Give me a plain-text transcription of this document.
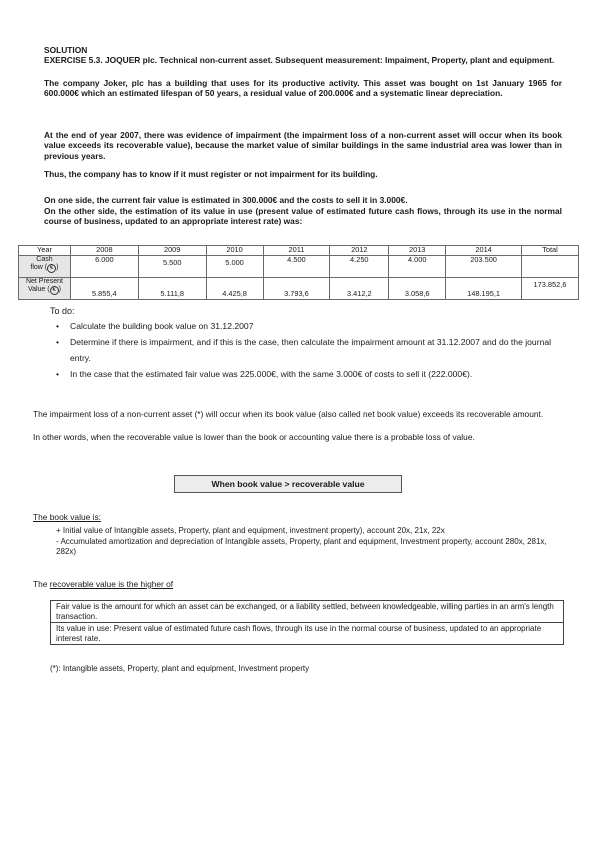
SOLUTION
EXERCISE 5.3. JOQUER plc. Technical non-current asset. Subsequent measurement: Impaiment, Property, plant and equipment.
The company Joker, plc has a building that uses for its productive activity. This asset was bought on 1st January 1965 for 600.000€ which an estimated lifespan of 50 years, a residual value of 200.000€ and a systematic linear depreciation.
At the end of year 2007, there was evidence of impairment (the impairment loss of a non-current asset will occur when its book value exceeds its recoverable value), because the market value of similar buildings in the same industrial area was lower than in previous years.
Thus, the company has to know if it must register or not impairment for its building.
On one side, the current fair value is estimated in 300.000€ and the costs to sell it in 3.000€.
On the other side, the estimation of its value in use (present value of estimated future cash flows, through its use in the normal course of business, updated to an appropriate interest rate) was:
Year	2008	2009	2010	2011	2012	2013	2014	Total
Cash
flow ( € )	6.000	5.500	5.000	4.500	4.250	4.000	203.500	
Net Present
Value ( € )	5.855,4	5.111,8	4.425,8	3.793,6	3.412,2	3.058,6	148.195,1	173.852,6
To do:
• Calculate the building book value on 31.12.2007
• Determine if there is impairment, and if this is the case, then calculate the impairment amount at 31.12.2007 and do the journal entry.
• In the case that the estimated fair value was 225.000€, with the same 3.000€ of costs to sell it (222.000€).
The impairment loss of a non-current asset (*) will occur when its book value (also called net book value) exceeds its recoverable amount.
In other words, when the recoverable value is lower than the book or accounting value there is a probable loss of value.
When book value > recoverable value
ˈ
The book value is:
+ Initial value of Intangible assets, Property, plant and equipment, investment property), account 20x, 21x, 22x
- Accumulated amortization and depreciation of Intangible assets, Property, plant and equipment, Investment property, account 280x, 281x, 282x)
The recoverable value is the higher of
Fair value is the amount for which an asset can be exchanged, or a liability settled, between knowledgeable, willing parties in an arm's length transaction.
Its value in use: Present value of estimated future cash flows, through its use in the normal course of business, updated to an appropriate interest rate.
(*): Intangible assets, Property, plant and equipment, Investment property
